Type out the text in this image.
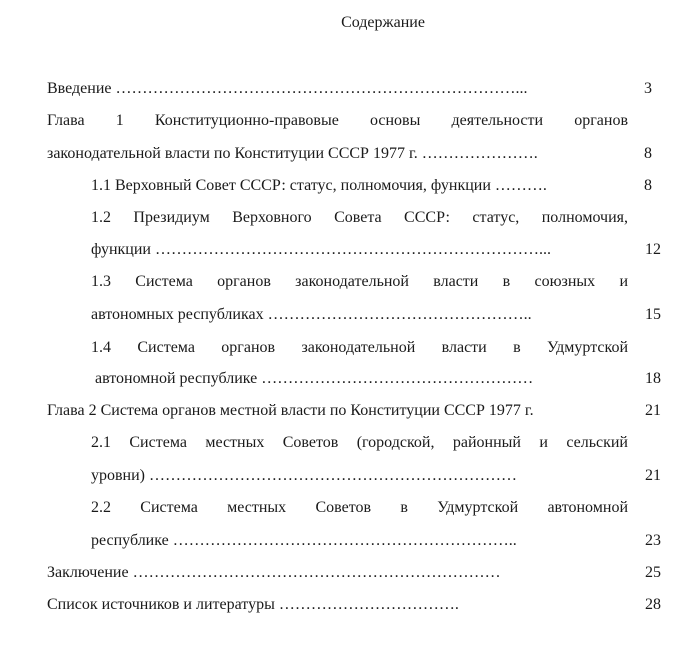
Содержание
Введение …………………………………………………………………...	3
Глава 1 Конституционно-правовые основы деятельности органов
законодательной власти по Конституции СССР 1977 г. ………………….	8
1.1 Верховный Совет СССР: статус, полномочия, функции ……….	8
1.2 Президиум Верховного Совета СССР: статус, полномочия,
функции ………………………………………………………………...	12
1.3 Система органов законодательной власти в союзных и
автономных республиках …………………………………………..	15
1.4 Система органов законодательной власти в Удмуртской
автономной республике ……………………………………………	18
Глава 2 Система органов местной власти по Конституции СССР 1977 г.	21
2.1 Система местных Советов (городской, районный и сельский
уровни) ……………………………………………………………	21
2.2 Система местных Советов в Удмуртской автономной
республике ………………………………………………………..	23
Заключение ……………………………………………………………	25
Список источников и литературы …………………………….	28
